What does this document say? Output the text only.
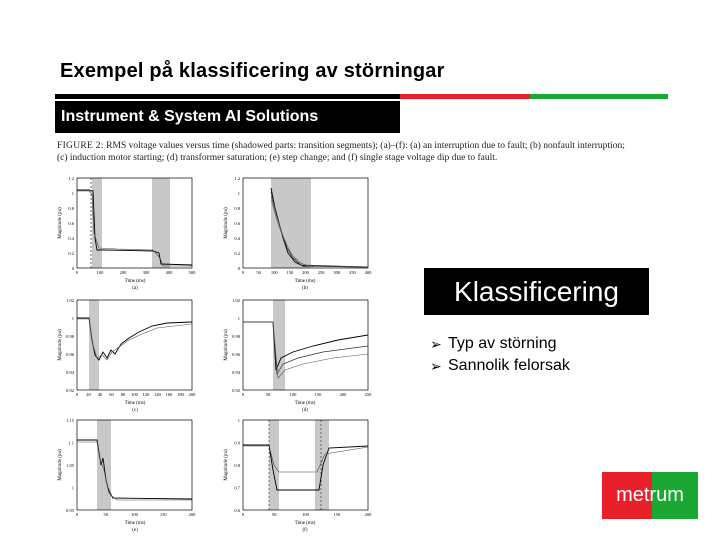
Exempel på klassificering av störningar
Instrument & System AI Solutions
FIGURE 2: RMS voltage values versus time (shadowed parts: transition segments); (a)–(f): (a) an interruption due to fault; (b) nonfault interruption; (c) induction motor starting; (d) transformer saturation; (e) step change; and (f) single stage voltage dip due to fault.
1.2
1
0.8
0.6
0.4
0.2
0
0	100	200	300	400	500
Time (ms)
(a)
Magnitude (pu)
1.2
1
0.8
0.6
0.4
0.2
0
0	50 100 150 200 250 300 350 400
Time (ms)
(b)
Magnitude (pu)
1.02
1
0.98
0.96
0.94
0.92
0 20 40 60 80 100 120 140 160 180 200
Time (ms)
(c)
Magnitude (pu)
1.02
1
0.98
0.96
0.94
0.92
0	50	100	150	200	250
Time (ms)
(d)
Magnitude (pu)
1.15
1.1
1.05
1
0.95
0	50	100	150	200
Time (ms)
(e)
Magnitude (pu)
1
0.9
0.8
0.7
0.6
0	50	100	150	200
Time (ms)
(f)
Magnitude (pu)
Klassificering
➢ Typ av störning
➢ Sannolik felorsak
metrum
